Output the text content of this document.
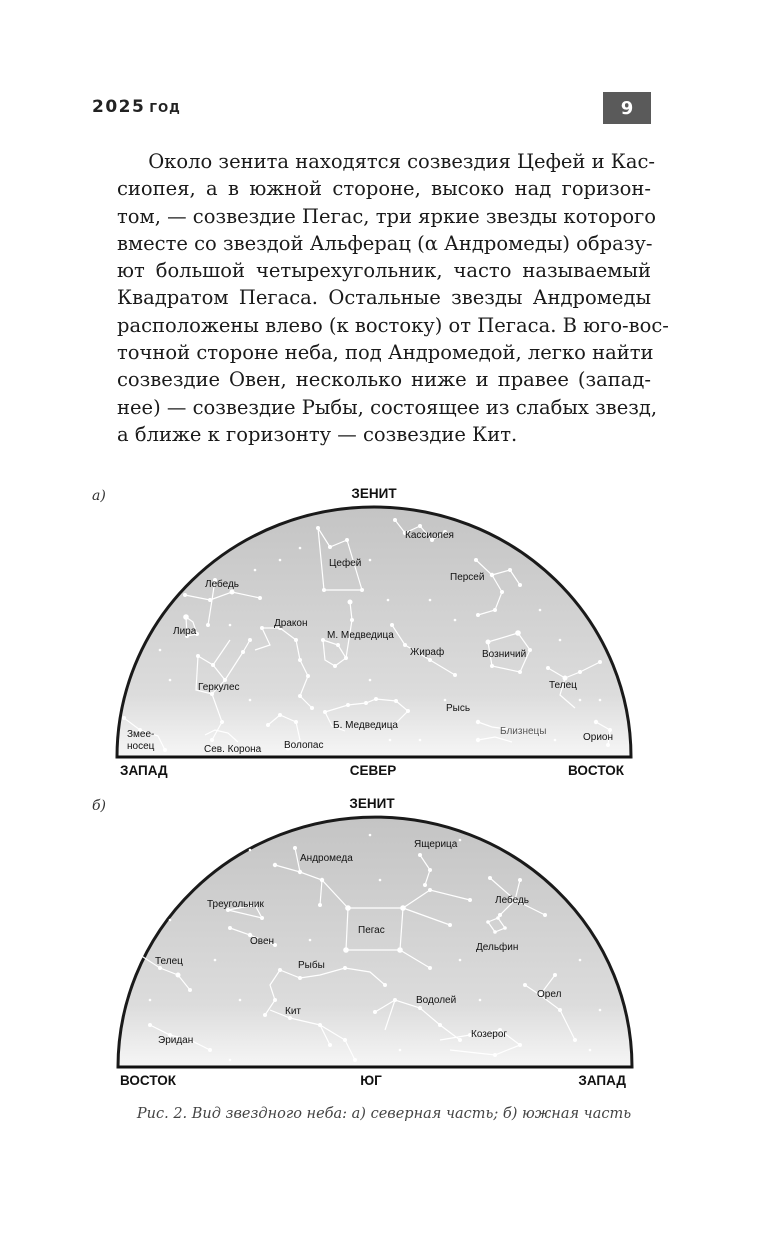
2025 ГОД	9
Около зенита находятся созвездия Цефей и Кас-
сиопея, а в южной стороне, высоко над горизон-
том, — созвездие Пегас, три яркие звезды которого
вместе со звездой Альферац (α Андромеды) образу-
ют большой четырехугольник, часто называемый
Квадратом Пегаса. Остальные звезды Андромеды
расположены влево (к востоку) от Пегаса. В юго-вос-
точной стороне неба, под Андромедой, легко найти
созвездие Овен, несколько ниже и правее (запад-
нее) — созвездие Рыбы, состоящее из слабых звезд,
а ближе к горизонту — созвездие Кит.
а)
б)
Кассиопея
Цефей
Персей
Лебедь
Дракон
Лира	М. Медведица
Жираф	Возничий
Геркулес	Телец
Рысь
Змее-
носец
Б. Медведица
Близнецы
Орион
Сев. Корона Волопас
ЗЕНИТ
ЗАПАД	СЕВЕР	ВОСТОК
Андромеда
Ящерица
Треугольник	Лебедь
Пегас
Овен
Дельфин
Телец	Рыбы
Орел
Водолей
Кит
Козерог
Эридан
ЗЕНИТ
ВОСТОК	ЮГ	ЗАПАД
Рис. 2. Вид звездного неба: а) северная часть; б) южная часть
